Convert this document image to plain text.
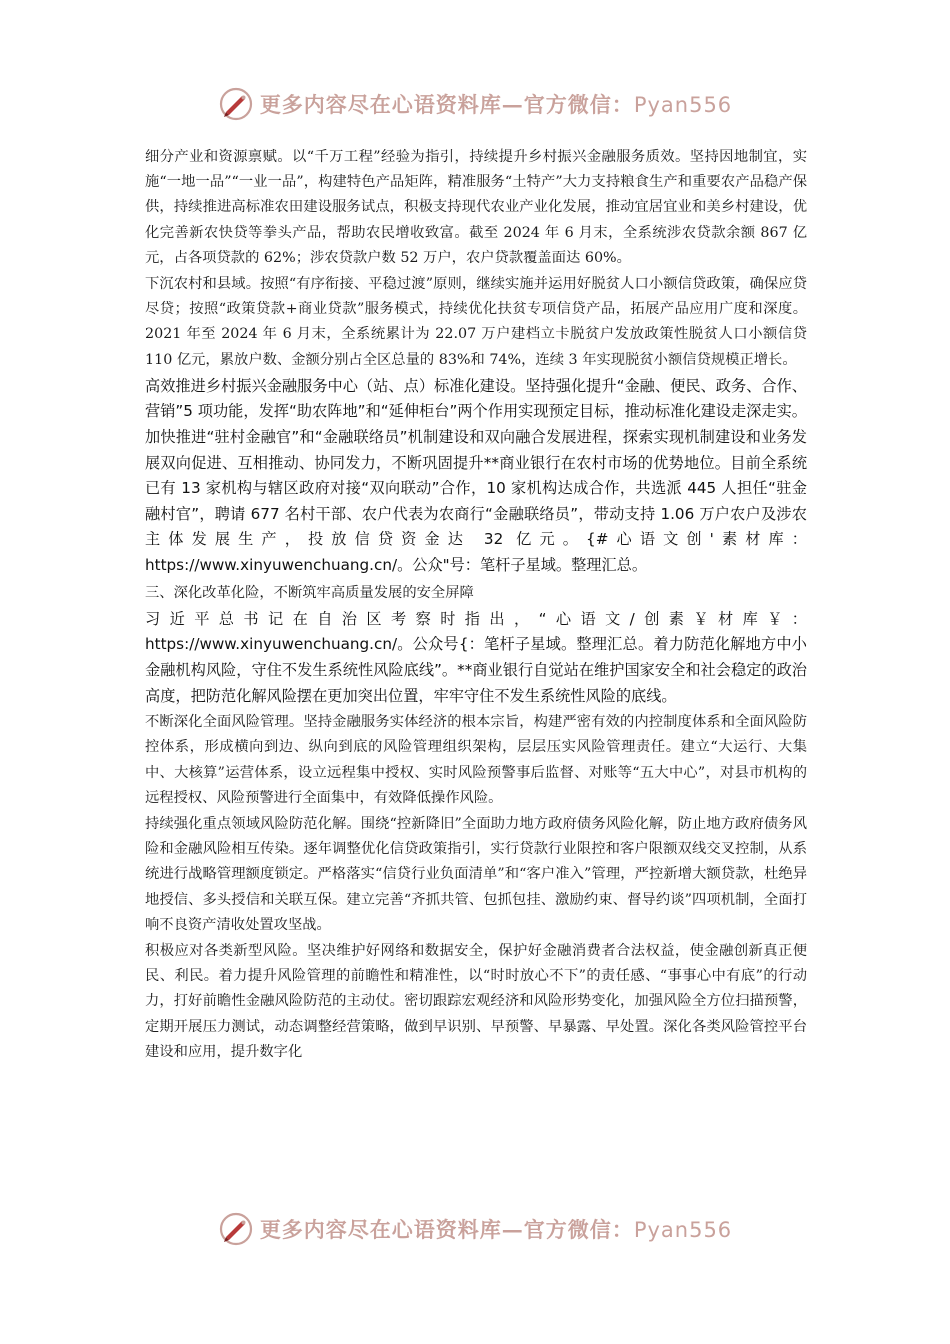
更多内容尽在心语资料库—官方微信：Pyan556

细分产业和资源禀赋。以“千万工程”经验为指引，持续提升乡村振兴金融服务质效。坚持因地制宜，实施“一地一品”“一业一品”，构建特色产品矩阵，精准服务“土特产”大力支持粮食生产和重要农产品稳产保供，持续推进高标准农田建设服务试点，积极支持现代农业产业化发展，推动宜居宜业和美乡村建设，优化完善新农快贷等拳头产品，帮助农民增收致富。截至 2024 年 6 月末，全系统涉农贷款余额 867 亿元，占各项贷款的 62%；涉农贷款户数 52 万户，农户贷款覆盖面达 60%。

下沉农村和县域。按照“有序衔接、平稳过渡”原则，继续实施并运用好脱贫人口小额信贷政策，确保应贷尽贷；按照“政策贷款+商业贷款”服务模式，持续优化扶贫专项信贷产品，拓展产品应用广度和深度。2021 年至 2024 年 6 月末，全系统累计为 22.07 万户建档立卡脱贫户发放政策性脱贫人口小额信贷 110 亿元，累放户数、金额分别占全区总量的 83%和 74%，连续 3 年实现脱贫小额信贷规模正增长。

高效推进乡村振兴金融服务中心（站、点）标准化建设。坚持强化提升“金融、便民、政务、合作、营销”5 项功能，发挥“助农阵地”和“延伸柜台”两个作用实现预定目标，推动标准化建设走深走实。加快推进“驻村金融官”和“金融联络员”机制建设和双向融合发展进程，探索实现机制建设和业务发展双向促进、互相推动、协同发力，不断巩固提升**商业银行在农村市场的优势地位。目前全系统已有 13 家机构与辖区政府对接“双向联动”合作，10 家机构达成合作，共选派 445 人担任“驻金融村官”，聘请 677 名村干部、农户代表为农商行“金融联络员”，带动支持 1.06 万户农户及涉农主体发展生产，投放信贷资金达 32 亿元。{#心语文创'素材库：https://www.xinyuwenchuang.cn/。公众"号：笔杆子星域。整理汇总。

三、深化改革化险，不断筑牢高质量发展的安全屏障

习近平总书记在自治区考察时指出，“心语文/创素￥材库￥：https://www.xinyuwenchuang.cn/。公众号{：笔杆子星域。整理汇总。着力防范化解地方中小金融机构风险，守住不发生系统性风险底线”。**商业银行自觉站在维护国家安全和社会稳定的政治高度，把防范化解风险摆在更加突出位置，牢牢守住不发生系统性风险的底线。

不断深化全面风险管理。坚持金融服务实体经济的根本宗旨，构建严密有效的内控制度体系和全面风险防控体系，形成横向到边、纵向到底的风险管理组织架构，层层压实风险管理责任。建立“大运行、大集中、大核算”运营体系，设立远程集中授权、实时风险预警事后监督、对账等“五大中心”，对县市机构的远程授权、风险预警进行全面集中，有效降低操作风险。

持续强化重点领域风险防范化解。围绕“控新降旧”全面助力地方政府债务风险化解，防止地方政府债务风险和金融风险相互传染。逐年调整优化信贷政策指引，实行贷款行业限控和客户限额双线交叉控制，从系统进行战略管理额度锁定。严格落实“信贷行业负面清单”和“客户准入”管理，严控新增大额贷款，杜绝异地授信、多头授信和关联互保。建立完善“齐抓共管、包抓包挂、激励约束、督导约谈”四项机制，全面打响不良资产清收处置攻坚战。

积极应对各类新型风险。坚决维护好网络和数据安全，保护好金融消费者合法权益，使金融创新真正便民、利民。着力提升风险管理的前瞻性和精准性，以“时时放心不下”的责任感、“事事心中有底”的行动力，打好前瞻性金融风险防范的主动仗。密切跟踪宏观经济和风险形势变化，加强风险全方位扫描预警，定期开展压力测试，动态调整经营策略，做到早识别、早预警、早暴露、早处置。深化各类风险管控平台建设和应用，提升数字化

更多内容尽在心语资料库—官方微信：Pyan556
